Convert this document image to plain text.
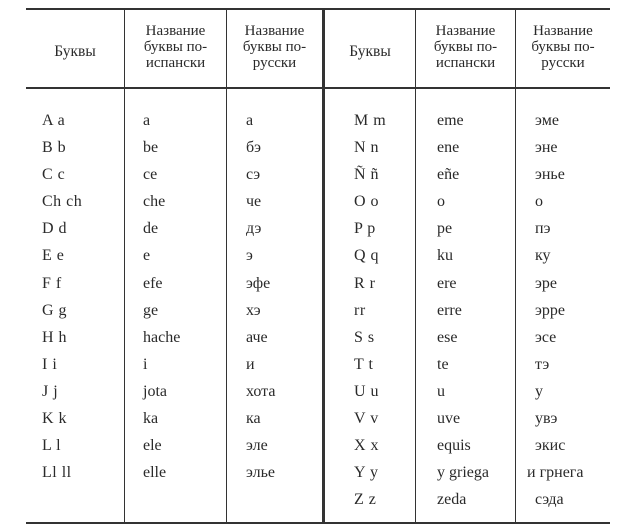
Буквы
Название
буквы по-
испански
Название
буквы по-
русски
Буквы
Название
буквы по-
испански
Название
буквы по-
русски
A a
B b
C c
Ch ch
D d
E e
F f
G g
H h
I i
J j
K k
L l
Ll ll
a
be
ce
che
de
e
efe
ge
hache
i
jota
ka
ele
elle
а
бэ
сэ
че
дэ
э
эфе
хэ
аче
и
хота
ка
эле
элье
M m
N n
Ñ ñ
O o
P p
Q q
R r
rr
S s
T t
U u
V v
X x
Y y
Z z
eme
ene
eñe
o
pe
ku
ere
erre
ese
te
u
uve
equis
y griega
zeda
эме
эне
энье
о
пэ
ку
эре
эрре
эсе
тэ
у
увэ
экис
и грнега
сэда
